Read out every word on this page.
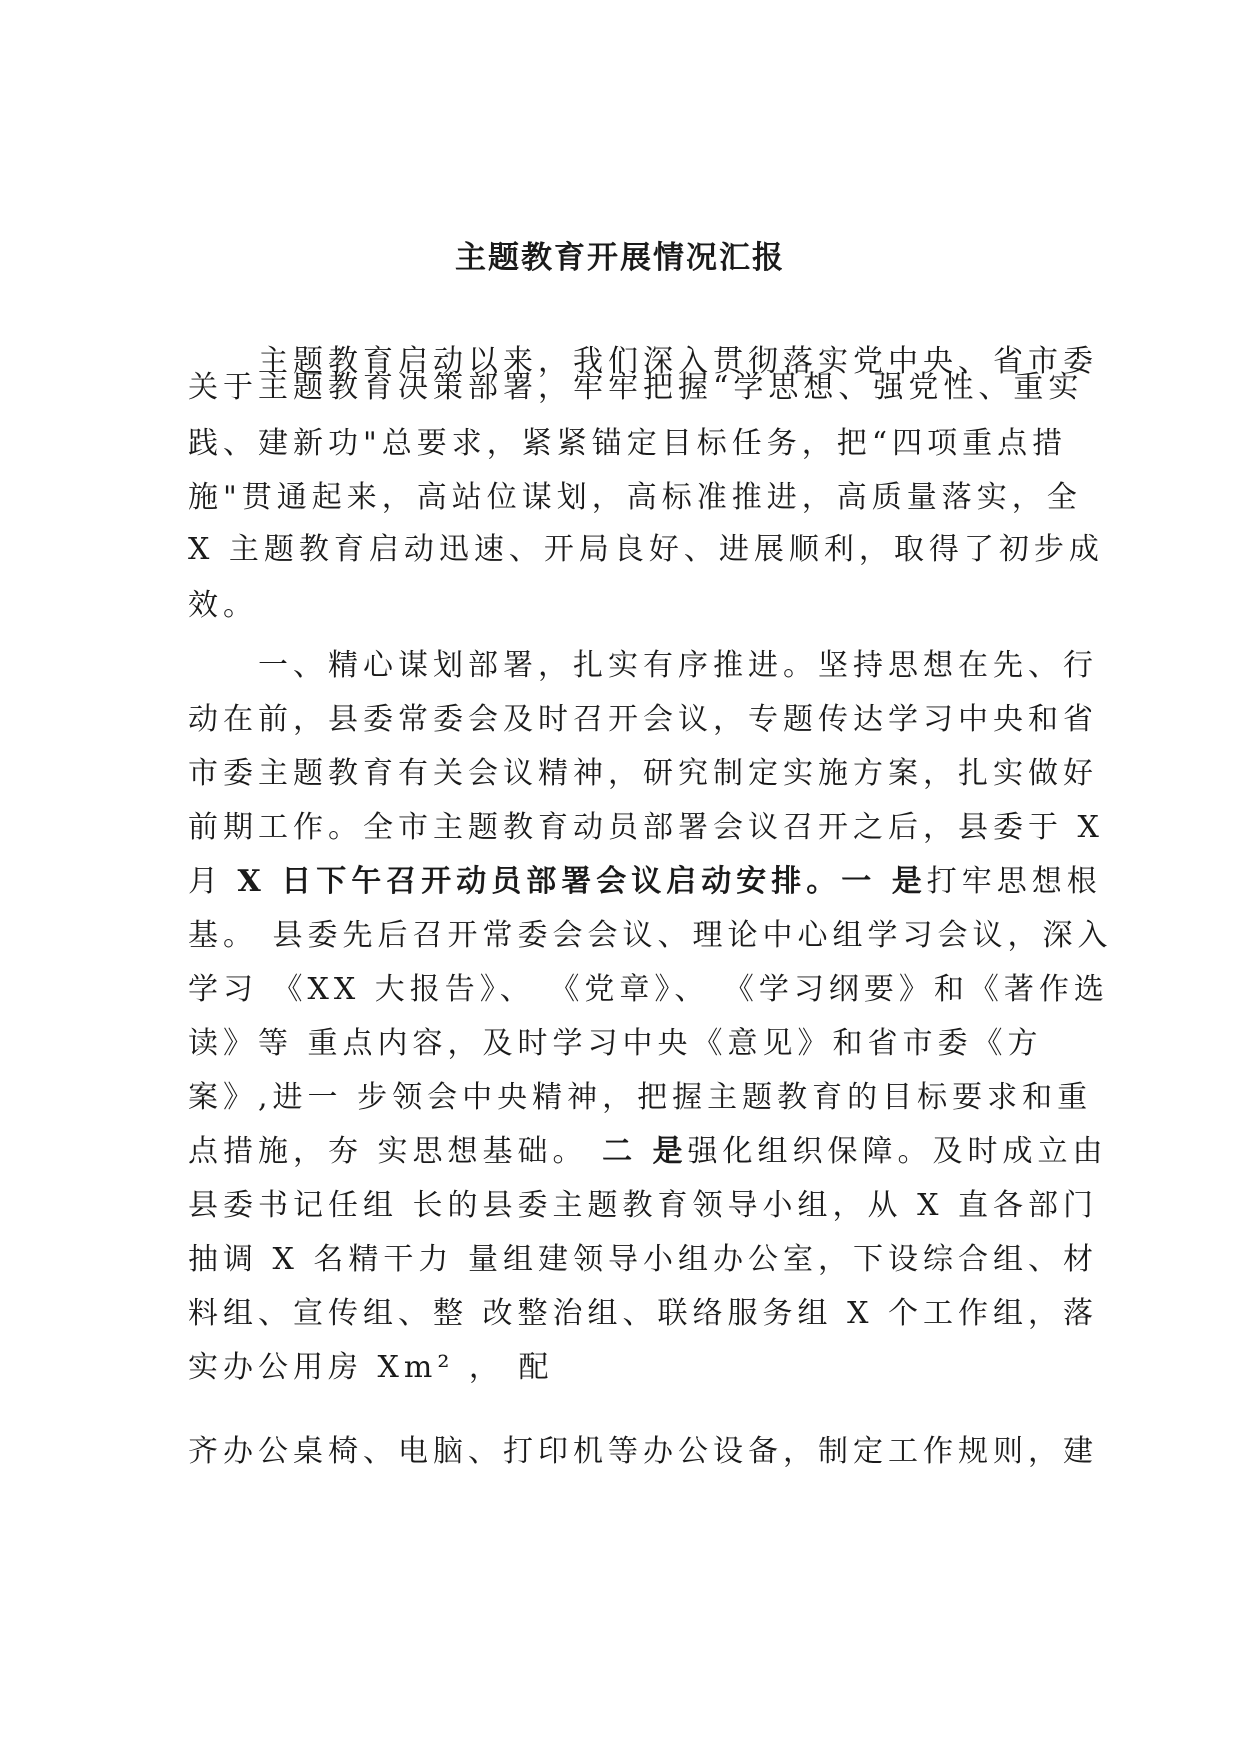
主题教育开展情况汇报

　　主题教育启动以来，我们深入贯彻落实党中央、省市委

关于主题教育决策部署，牢牢把握“学思想、强党性、重实

践、建新功"总要求，紧紧锚定目标任务，把“四项重点措

施"贯通起来，高站位谋划，高标准推进，高质量落实，全

X 主题教育启动迅速、开局良好、进展顺利，取得了初步成

效。

　　一、精心谋划部署，扎实有序推进。坚持思想在先、行

动在前，县委常委会及时召开会议，专题传达学习中央和省

市委主题教育有关会议精神，研究制定实施方案，扎实做好

前期工作。全市主题教育动员部署会议召开之后，县委于 X

月 X 日下午召开动员部署会议启动安排。一 是打牢思想根

基。 县委先后召开常委会会议、理论中心组学习会议，深入

学习 《XX 大报告》、 《党章》、 《学习纲要》和《著作选

读》等 重点内容，及时学习中央《意见》和省市委《方

案》,进一 步领会中央精神，把握主题教育的目标要求和重

点措施，夯 实思想基础。 二 是强化组织保障。及时成立由

县委书记任组 长的县委主题教育领导小组，从 X 直各部门

抽调 X 名精干力 量组建领导小组办公室，下设综合组、材

料组、宣传组、整 改整治组、联络服务组 X 个工作组，落

实办公用房 Xm² ， 配

齐办公桌椅、电脑、打印机等办公设备，制定工作规则，建
